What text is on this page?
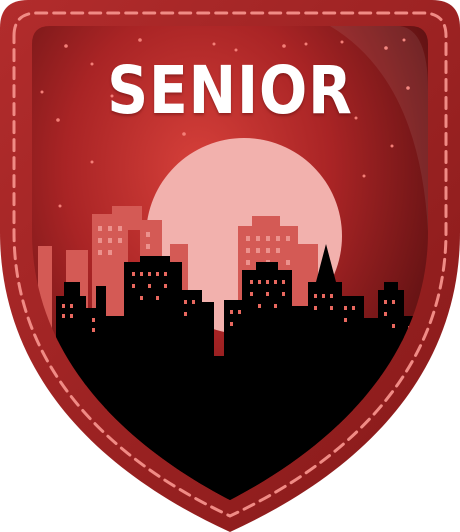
SENIOR
